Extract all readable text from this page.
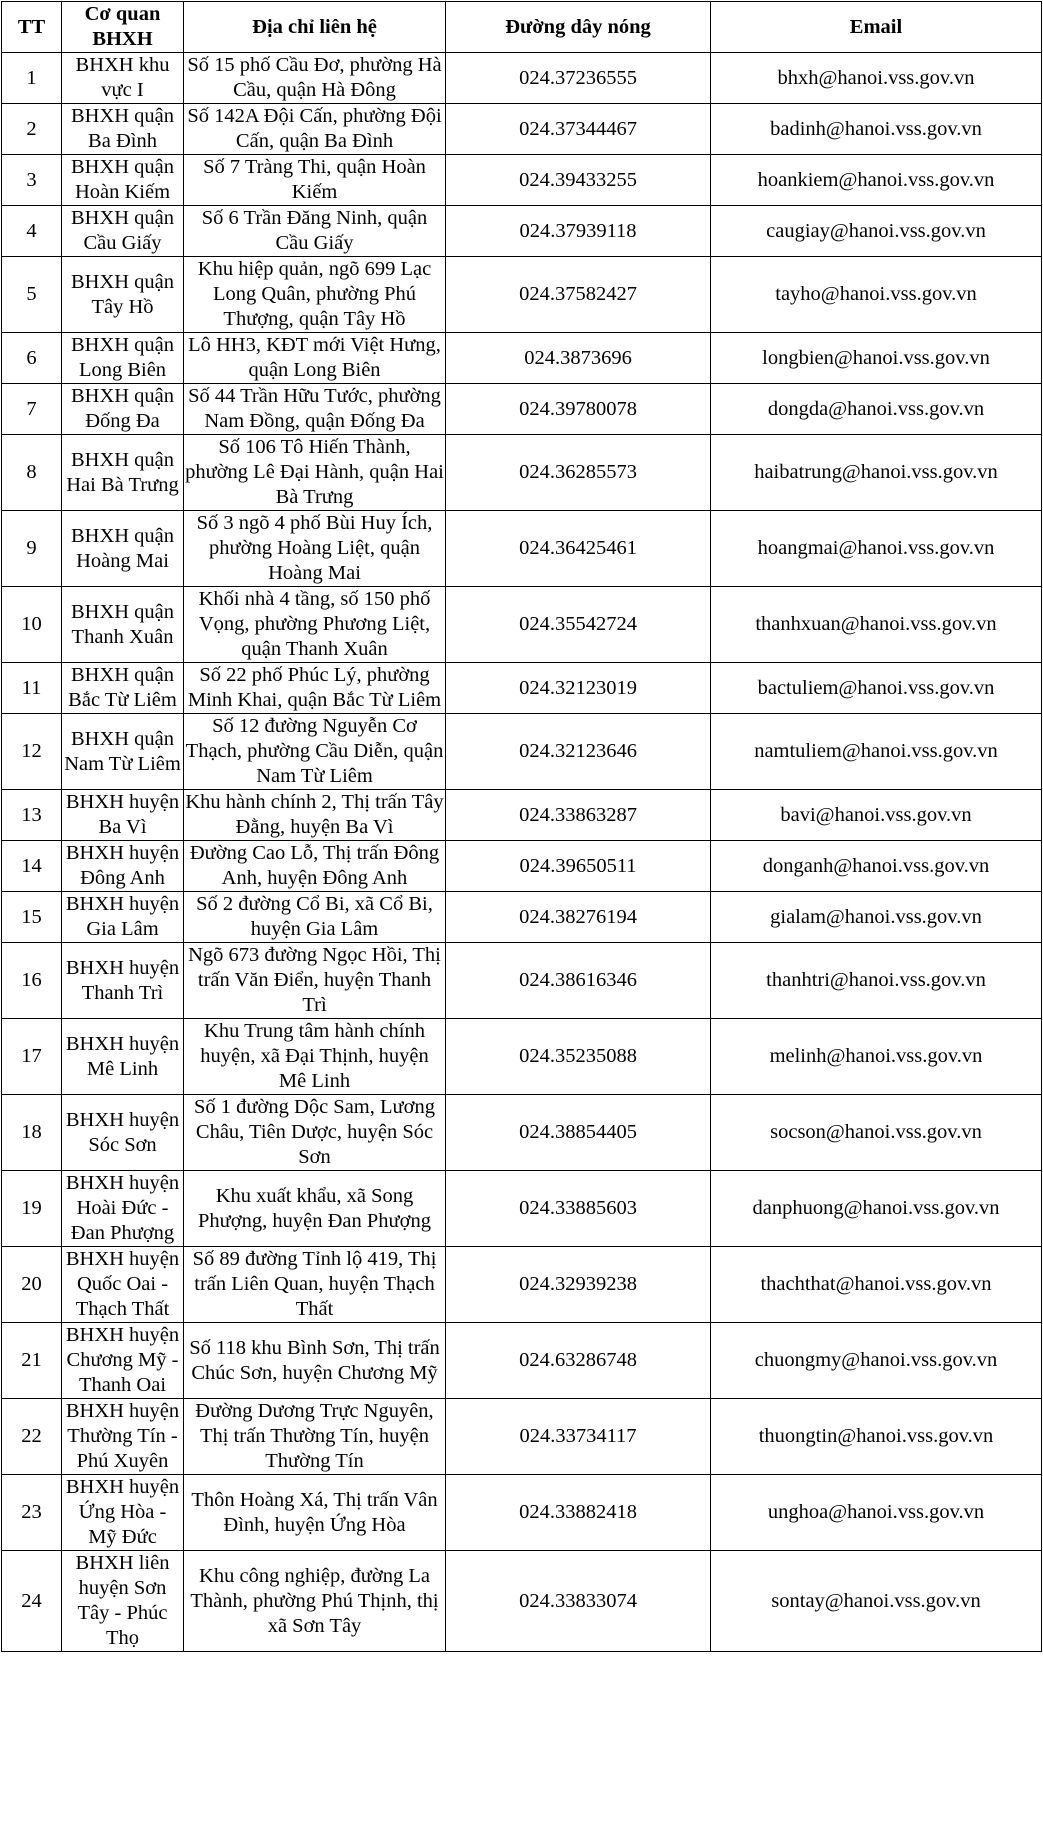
TT	Cơ quan BHXH	Địa chỉ liên hệ	Đường dây nóng	Email
1	BHXH khu vực I	Số 15 phố Cầu Đơ, phường Hà Cầu, quận Hà Đông	024.37236555	bhxh@hanoi.vss.gov.vn
2	BHXH quận Ba Đình	Số 142A Đội Cấn, phường Đội Cấn, quận Ba Đình	024.37344467	badinh@hanoi.vss.gov.vn
3	BHXH quận Hoàn Kiếm	Số 7 Tràng Thi, quận Hoàn Kiếm	024.39433255	hoankiem@hanoi.vss.gov.vn
4	BHXH quận Cầu Giấy	Số 6 Trần Đăng Ninh, quận Cầu Giấy	024.37939118	caugiay@hanoi.vss.gov.vn
5	BHXH quận Tây Hồ	Khu hiệp quản, ngõ 699 Lạc Long Quân, phường Phú Thượng, quận Tây Hồ	024.37582427	tayho@hanoi.vss.gov.vn
6	BHXH quận Long Biên	Lô HH3, KĐT mới Việt Hưng, quận Long Biên	024.3873696	longbien@hanoi.vss.gov.vn
7	BHXH quận Đống Đa	Số 44 Trần Hữu Tước, phường Nam Đồng, quận Đống Đa	024.39780078	dongda@hanoi.vss.gov.vn
8	BHXH quận Hai Bà Trưng	Số 106 Tô Hiến Thành, phường Lê Đại Hành, quận Hai Bà Trưng	024.36285573	haibatrung@hanoi.vss.gov.vn
9	BHXH quận Hoàng Mai	Số 3 ngõ 4 phố Bùi Huy Ích, phường Hoàng Liệt, quận Hoàng Mai	024.36425461	hoangmai@hanoi.vss.gov.vn
10	BHXH quận Thanh Xuân	Khối nhà 4 tầng, số 150 phố Vọng, phường Phương Liệt, quận Thanh Xuân	024.35542724	thanhxuan@hanoi.vss.gov.vn
11	BHXH quận Bắc Từ Liêm	Số 22 phố Phúc Lý, phường Minh Khai, quận Bắc Từ Liêm	024.32123019	bactuliem@hanoi.vss.gov.vn
12	BHXH quận Nam Từ Liêm	Số 12 đường Nguyễn Cơ Thạch, phường Cầu Diễn, quận Nam Từ Liêm	024.32123646	namtuliem@hanoi.vss.gov.vn
13	BHXH huyện Ba Vì	Khu hành chính 2, Thị trấn Tây Đằng, huyện Ba Vì	024.33863287	bavi@hanoi.vss.gov.vn
14	BHXH huyện Đông Anh	Đường Cao Lỗ, Thị trấn Đông Anh, huyện Đông Anh	024.39650511	donganh@hanoi.vss.gov.vn
15	BHXH huyện Gia Lâm	Số 2 đường Cổ Bi, xã Cổ Bi, huyện Gia Lâm	024.38276194	gialam@hanoi.vss.gov.vn
16	BHXH huyện Thanh Trì	Ngõ 673 đường Ngọc Hồi, Thị trấn Văn Điển, huyện Thanh Trì	024.38616346	thanhtri@hanoi.vss.gov.vn
17	BHXH huyện Mê Linh	Khu Trung tâm hành chính huyện, xã Đại Thịnh, huyện Mê Linh	024.35235088	melinh@hanoi.vss.gov.vn
18	BHXH huyện Sóc Sơn	Số 1 đường Dộc Sam, Lương Châu, Tiên Dược, huyện Sóc Sơn	024.38854405	socson@hanoi.vss.gov.vn
19	BHXH huyện Hoài Đức - Đan Phượng	Khu xuất khẩu, xã Song Phượng, huyện Đan Phượng	024.33885603	danphuong@hanoi.vss.gov.vn
20	BHXH huyện Quốc Oai - Thạch Thất	Số 89 đường Tỉnh lộ 419, Thị trấn Liên Quan, huyện Thạch Thất	024.32939238	thachthat@hanoi.vss.gov.vn
21	BHXH huyện Chương Mỹ - Thanh Oai	Số 118 khu Bình Sơn, Thị trấn Chúc Sơn, huyện Chương Mỹ	024.63286748	chuongmy@hanoi.vss.gov.vn
22	BHXH huyện Thường Tín - Phú Xuyên	Đường Dương Trực Nguyên, Thị trấn Thường Tín, huyện Thường Tín	024.33734117	thuongtin@hanoi.vss.gov.vn
23	BHXH huyện Ứng Hòa - Mỹ Đức	Thôn Hoàng Xá, Thị trấn Vân Đình, huyện Ứng Hòa	024.33882418	unghoa@hanoi.vss.gov.vn
24	BHXH liên huyện Sơn Tây - Phúc Thọ	Khu công nghiệp, đường La Thành, phường Phú Thịnh, thị xã Sơn Tây	024.33833074	sontay@hanoi.vss.gov.vn
